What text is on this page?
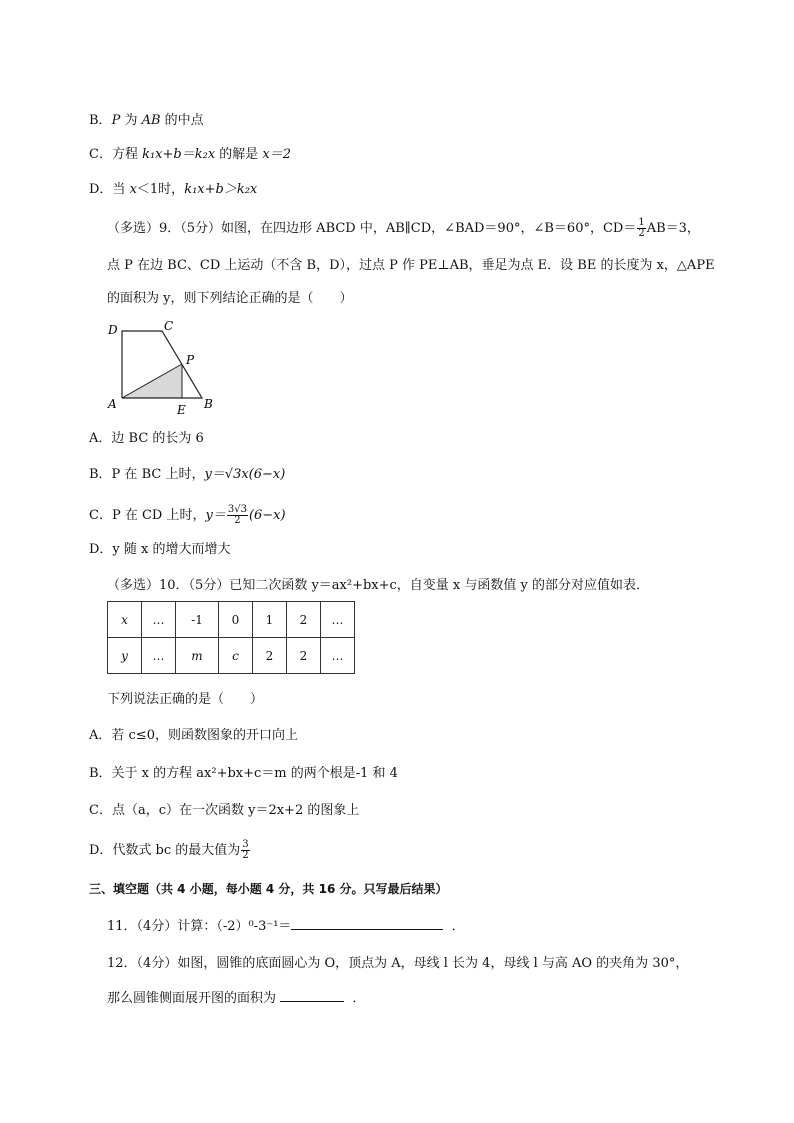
B．P 为 AB 的中点
C．方程 k₁x+b＝k₂x 的解是 x＝2
D．当 x＜1时，k₁x+b＞k₂x
（多选）9．（5分）如图，在四边形 ABCD 中，AB∥CD，∠BAD＝90°，∠B＝60°，$CD= \frac{1}{2} AB=3$，
点 P 在边 BC、CD 上运动（不含 B，D），过点 P 作 PE⊥AB，垂足为点 E．设 BE 的长度为 x，△APE
的面积为 y，则下列结论正确的是（　　）
D	C
P
A	E B
A．边 BC 的长为 6
B．P 在 BC 上时，y＝√3x(6−x)
C．P 在 CD 上时，$y= \frac{3√3}{2} (6-x)$
D．y 随 x 的增大而增大
（多选）10．（5分）已知二次函数 y＝ax²+bx+c，自变量 x 与函数值 y 的部分对应值如表．
x	…	-1	0	1	2	…
y	…	m	c	2	2	…
下列说法正确的是（　　）
A．若 c≤0，则函数图象的开口向上
B．关于 x 的方程 ax²+bx+c＝m 的两个根是-1 和 4
C．点（a，c）在一次函数 y＝2x+2 的图象上
D．代数式 bc 的最大值为 $\frac{3}{2}$
三、填空题（共 4 小题，每小题 4 分，共 16 分。只写最后结果）
11．（4分）计算：（-2）⁰-3⁻¹＝	．
12．（4分）如图，圆锥的底面圆心为 O，顶点为 A，母线 l 长为 4，母线 l 与高 AO 的夹角为 30°，
那么圆锥侧面展开图的面积为	．
